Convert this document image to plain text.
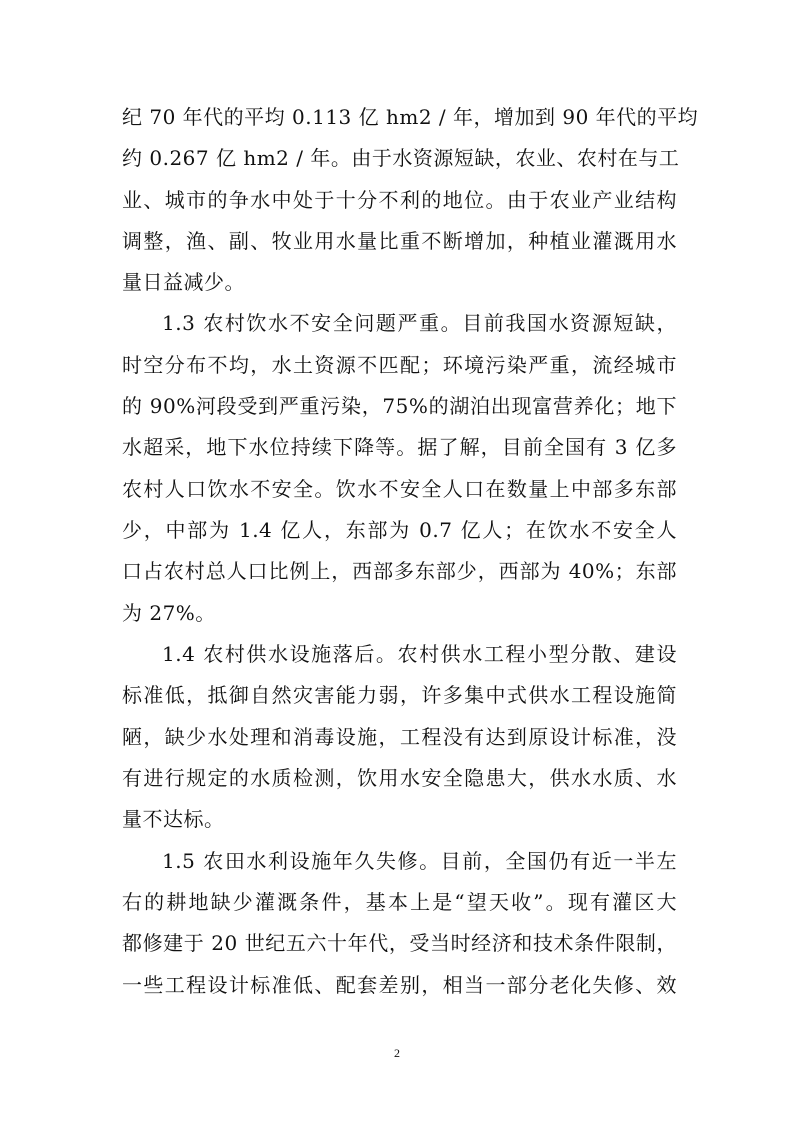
纪 70 年代的平均 0.113 亿 hm2 / 年，增加到 90 年代的平均
约 0.267 亿 hm2 / 年。由于水资源短缺，农业、农村在与工
业、城市的争水中处于十分不利的地位。由于农业产业结构
调整，渔、副、牧业用水量比重不断增加，种植业灌溉用水
量日益减少。
1.3 农村饮水不安全问题严重。目前我国水资源短缺，
时空分布不均，水土资源不匹配；环境污染严重，流经城市
的 90%河段受到严重污染，75%的湖泊出现富营养化；地下
水超采，地下水位持续下降等。据了解，目前全国有 3 亿多
农村人口饮水不安全。饮水不安全人口在数量上中部多东部
少，中部为 1.4 亿人，东部为 0.7 亿人；在饮水不安全人
口占农村总人口比例上，西部多东部少，西部为 40%；东部
为 27%。
1.4 农村供水设施落后。农村供水工程小型分散、建设
标准低，抵御自然灾害能力弱，许多集中式供水工程设施简
陋，缺少水处理和消毒设施，工程没有达到原设计标准，没
有进行规定的水质检测，饮用水安全隐患大，供水水质、水
量不达标。
1.5 农田水利设施年久失修。目前，全国仍有近一半左
右的耕地缺少灌溉条件，基本上是“望天收”。现有灌区大
都修建于 20 世纪五六十年代，受当时经济和技术条件限制，
一些工程设计标准低、配套差别，相当一部分老化失修、效
2
